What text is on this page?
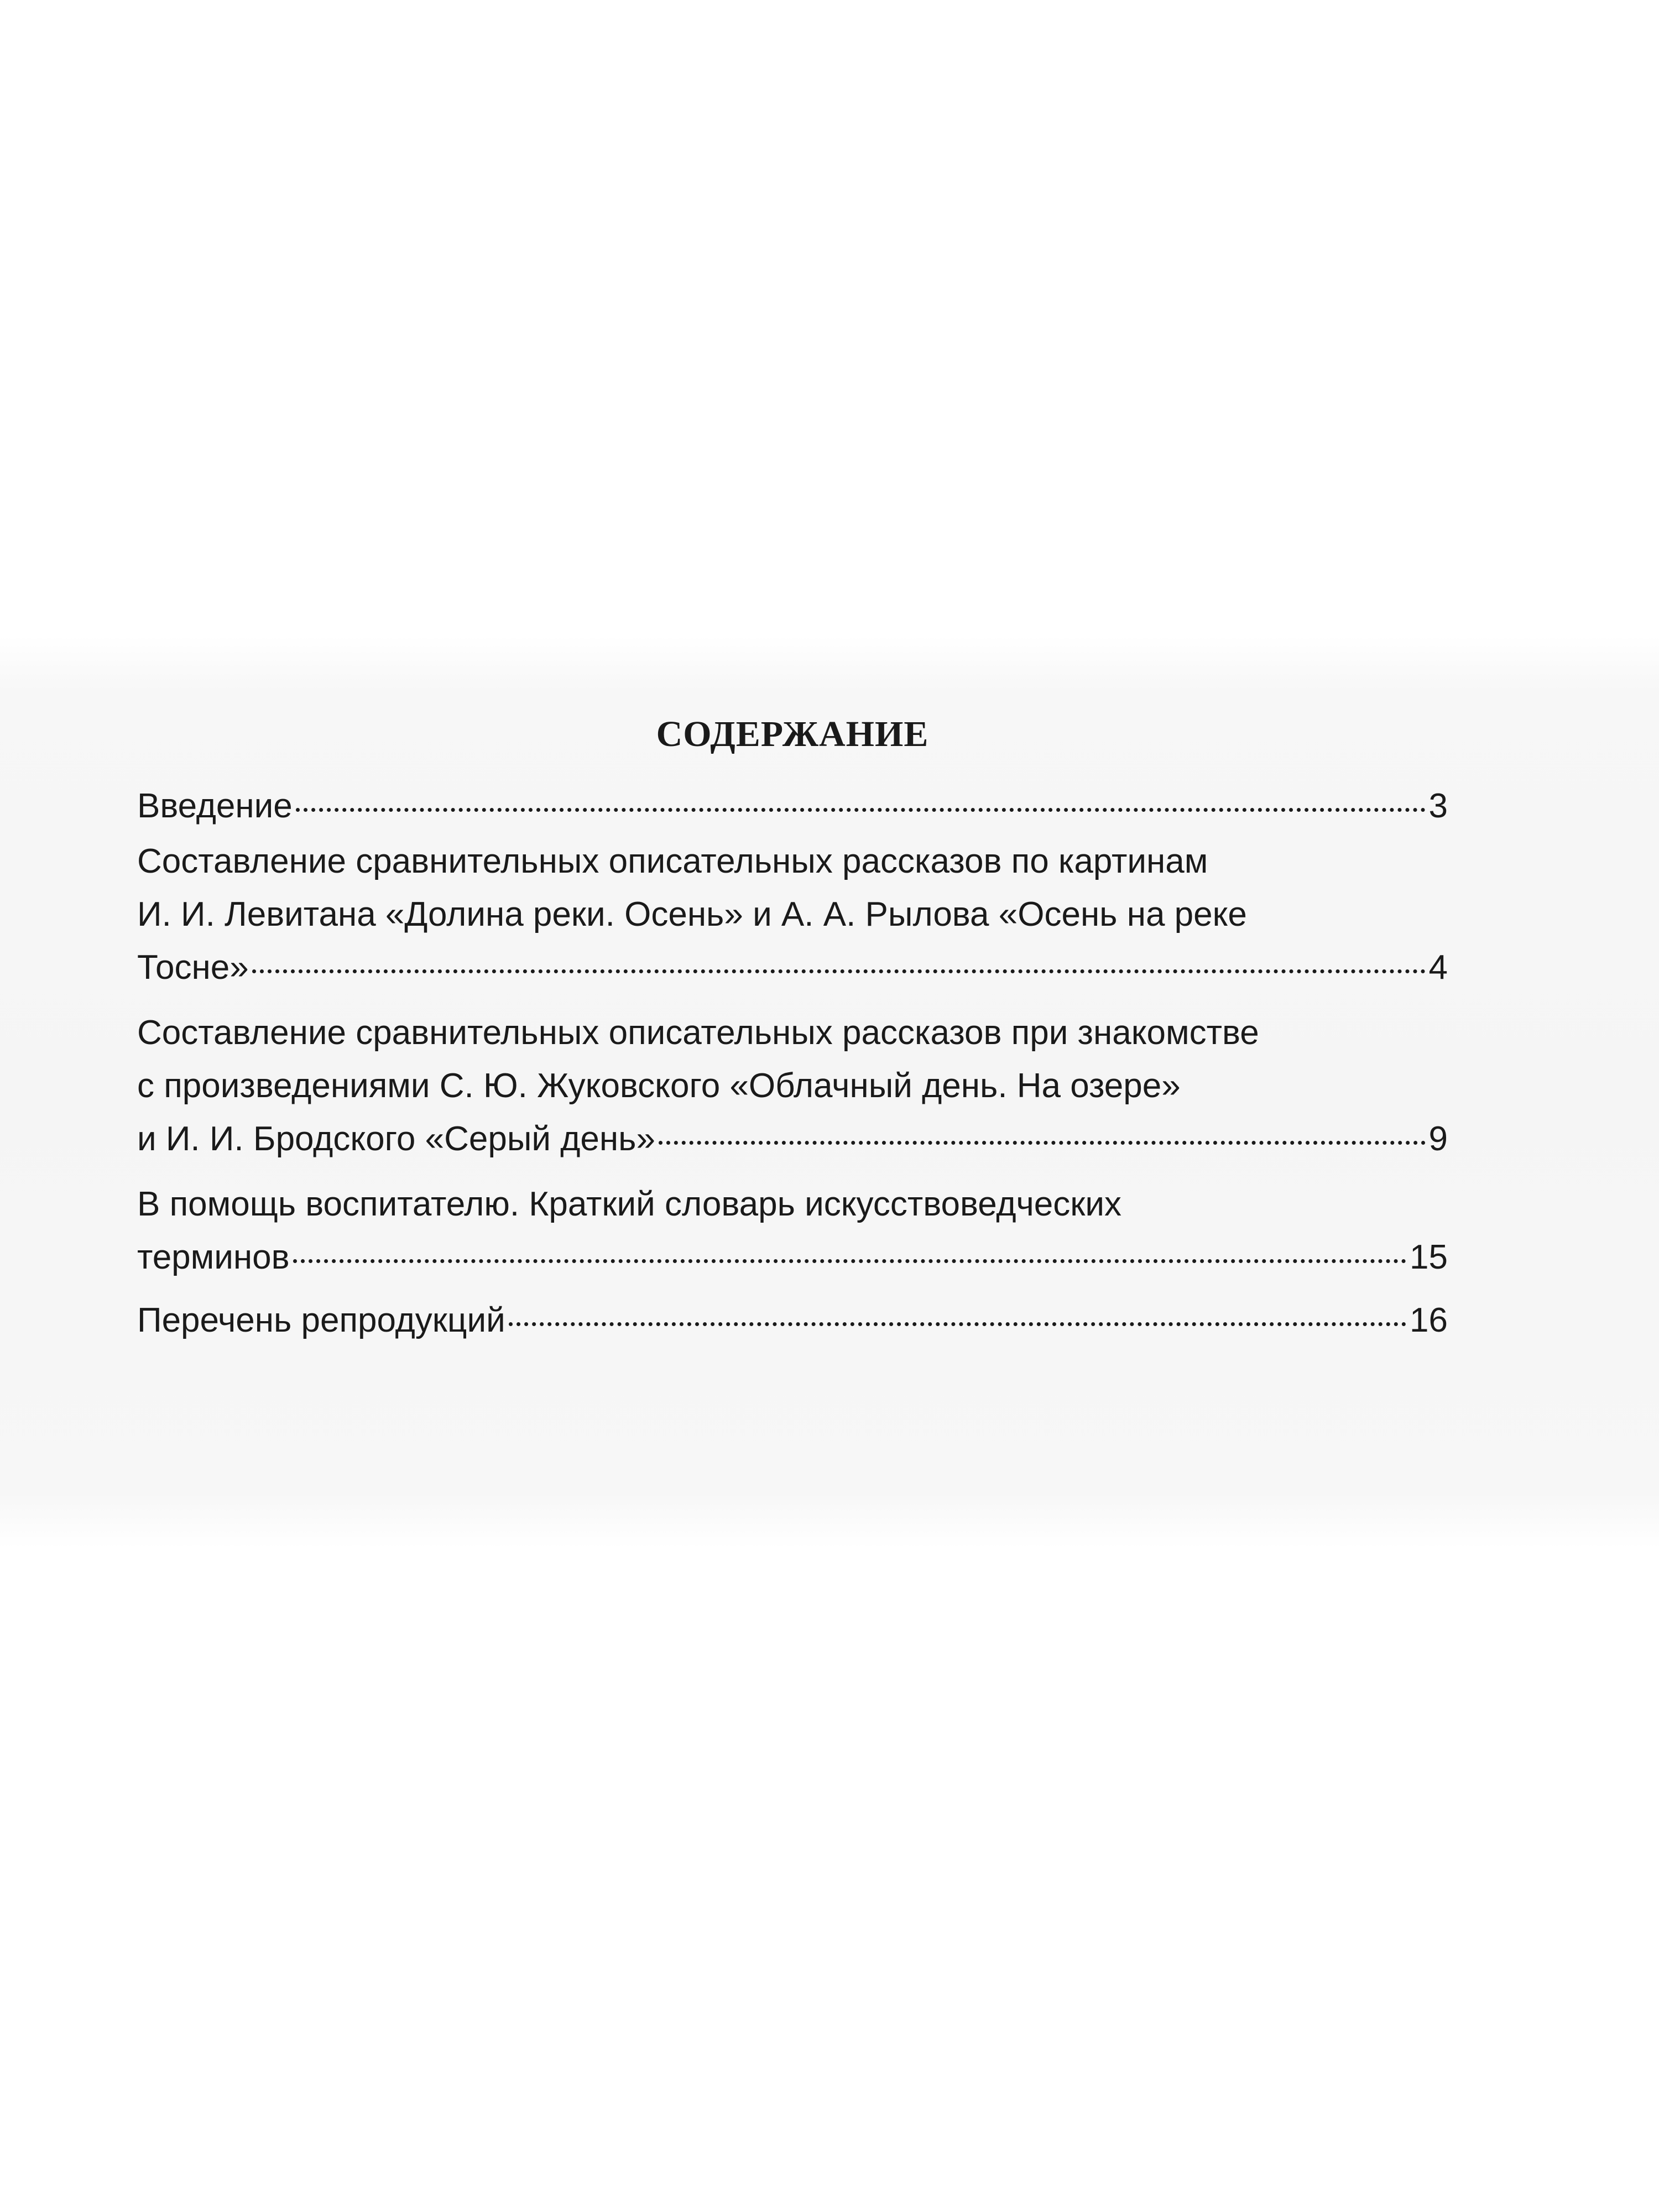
СОДЕРЖАНИЕ
Введение	3
Составление сравнительных описательных рассказов по картинам
И. И. Левитана «Долина реки. Осень» и А. А. Рылова «Осень на реке
Тосне»	4
Составление сравнительных описательных рассказов при знакомстве
с произведениями С. Ю. Жуковского «Облачный день. На озере»
и И. И. Бродского «Серый день»	9
В помощь воспитателю. Краткий словарь искусствоведческих
терминов	15
Перечень репродукций	16
